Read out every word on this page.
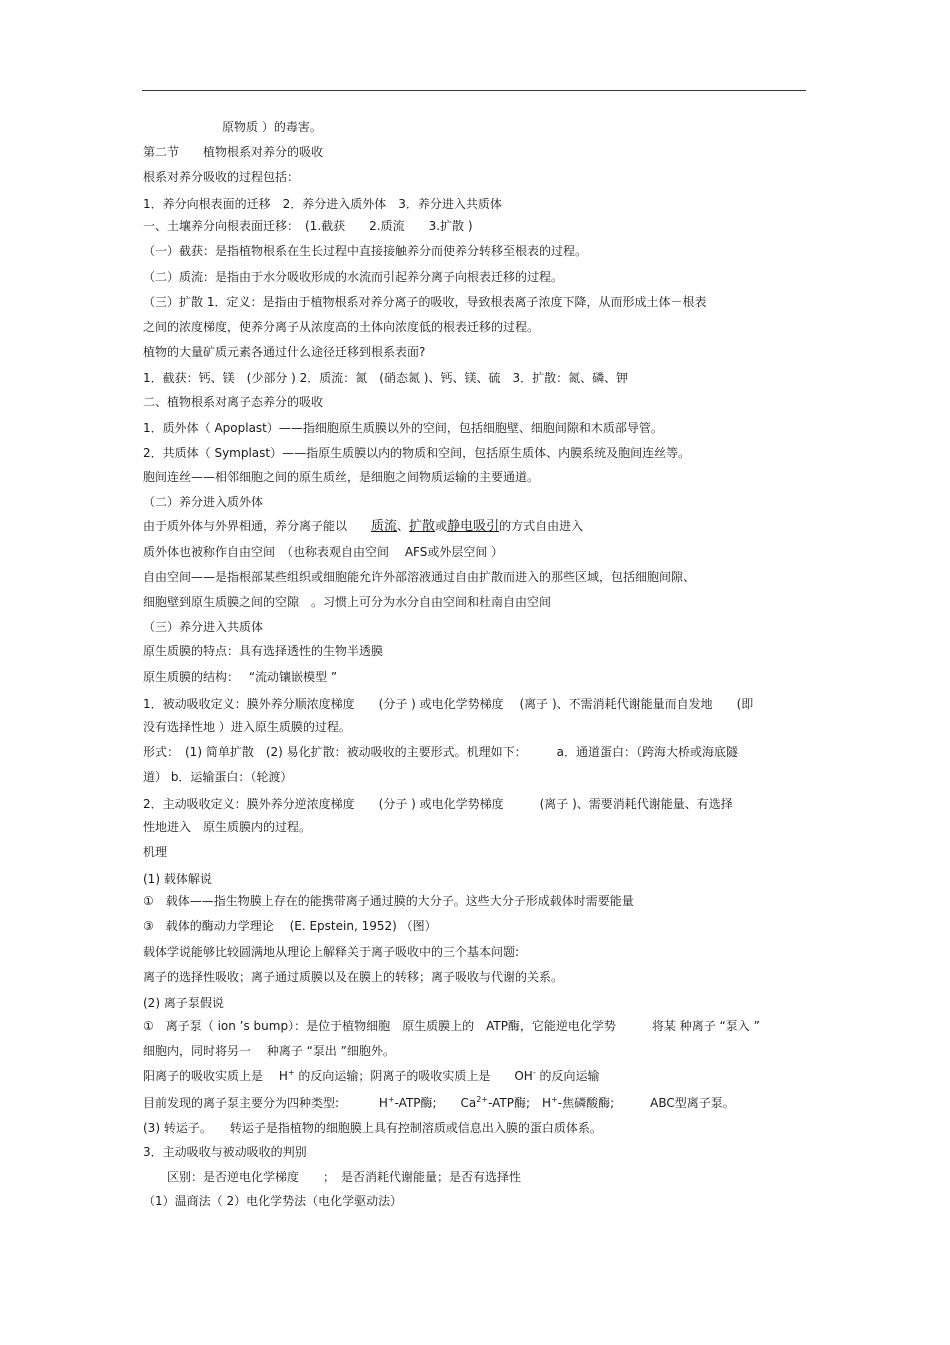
原物质 ）的毒害。
第二节　　植物根系对养分的吸收
根系对养分吸收的过程包括：
1．养分向根表面的迁移　2．养分进入质外体　3．养分进入共质体
一、土壤养分向根表面迁移：　(1.截获　　2.质流　　3.扩散 )
（一）截获：是指植物根系在生长过程中直接接触养分而使养分转移至根表的过程。
（二）质流：是指由于水分吸收形成的水流而引起养分离子向根表迁移的过程。
（三）扩散 1．定义：是指由于植物根系对养分离子的吸收，导致根表离子浓度下降，从而形成土体－根表
之间的浓度梯度，使养分离子从浓度高的土体向浓度低的根表迁移的过程。
植物的大量矿质元素各通过什么途径迁移到根系表面?
1．截获：钙、镁　(少部分 ) 2．质流：氮　(硝态氮 )、钙、镁、硫　3．扩散：氮、磷、钾
二、植物根系对离子态养分的吸收
1．质外体（ Apoplast）——指细胞原生质膜以外的空间，包括细胞壁、细胞间隙和木质部导管。
2．共质体（ Symplast）——指原生质膜以内的物质和空间，包括原生质体、内膜系统及胞间连丝等。
胞间连丝——相邻细胞之间的原生质丝，是细胞之间物质运输的主要通道。
（二）养分进入质外体
由于质外体与外界相通，养分离子能以　　质流、扩散或静电吸引的方式自由进入
质外体也被称作自由空间　（也称表观自由空间　 AFS或外层空间 ）
自由空间——是指根部某些组织或细胞能允许外部溶液通过自由扩散而进入的那些区域，包括细胞间隙、
细胞壁到原生质膜之间的空隙　。习惯上可分为水分自由空间和杜南自由空间
（三）养分进入共质体
原生质膜的特点：具有选择透性的生物半透膜
原生质膜的结构：　 “流动镶嵌模型 ”
1．被动吸收定义：膜外养分顺浓度梯度　　(分子 ) 或电化学势梯度　 (离子 )、不需消耗代谢能量而自发地　　(即
没有选择性地 ）进入原生质膜的过程。
形式：　(1) 简单扩散　(2) 易化扩散：被动吸收的主要形式。机理如下：　　　a．通道蛋白：（跨海大桥或海底隧
道） b．运输蛋白：（轮渡）
2．主动吸收定义：膜外养分逆浓度梯度　　(分子 ) 或电化学势梯度　　　(离子 )、需要消耗代谢能量、有选择
性地进入　原生质膜内的过程。
机理
(1) 载体解说
①　载体——指生物膜上存在的能携带离子通过膜的大分子。这些大分子形成载体时需要能量
③　载体的酶动力学理论　 (E. Epstein, 1952) （图）
载体学说能够比较圆满地从理论上解释关于离子吸收中的三个基本问题:
离子的选择性吸收；离子通过质膜以及在膜上的转移；离子吸收与代谢的关系。
(2) 离子泵假说
①　离子泵（ ion ’s bump）：是位于植物细胞　原生质膜上的　ATP酶，它能逆电化学势　　　将某 种离子 “泵入 ”
细胞内，同时将另一　 种离子 “泵出 ”细胞外。
阳离子的吸收实质上是　 H+ 的反向运输；阴离子的吸收实质上是　　OH- 的反向运输
目前发现的离子泵主要分为四种类型:　　　 H+-ATP酶;　　$Ca^{2+}$-ATP酶;　H+-焦磷酸酶;　　　ABC型离子泵。
(3) 转运子。　　转运子是指植物的细胞膜上具有控制溶质或信息出入膜的蛋白质体系。
3．主动吸收与被动吸收的判别
　　区别：是否逆电化学梯度　　；　是否消耗代谢能量；是否有选择性
（1）温商法（ 2）电化学势法（电化学驱动法）
